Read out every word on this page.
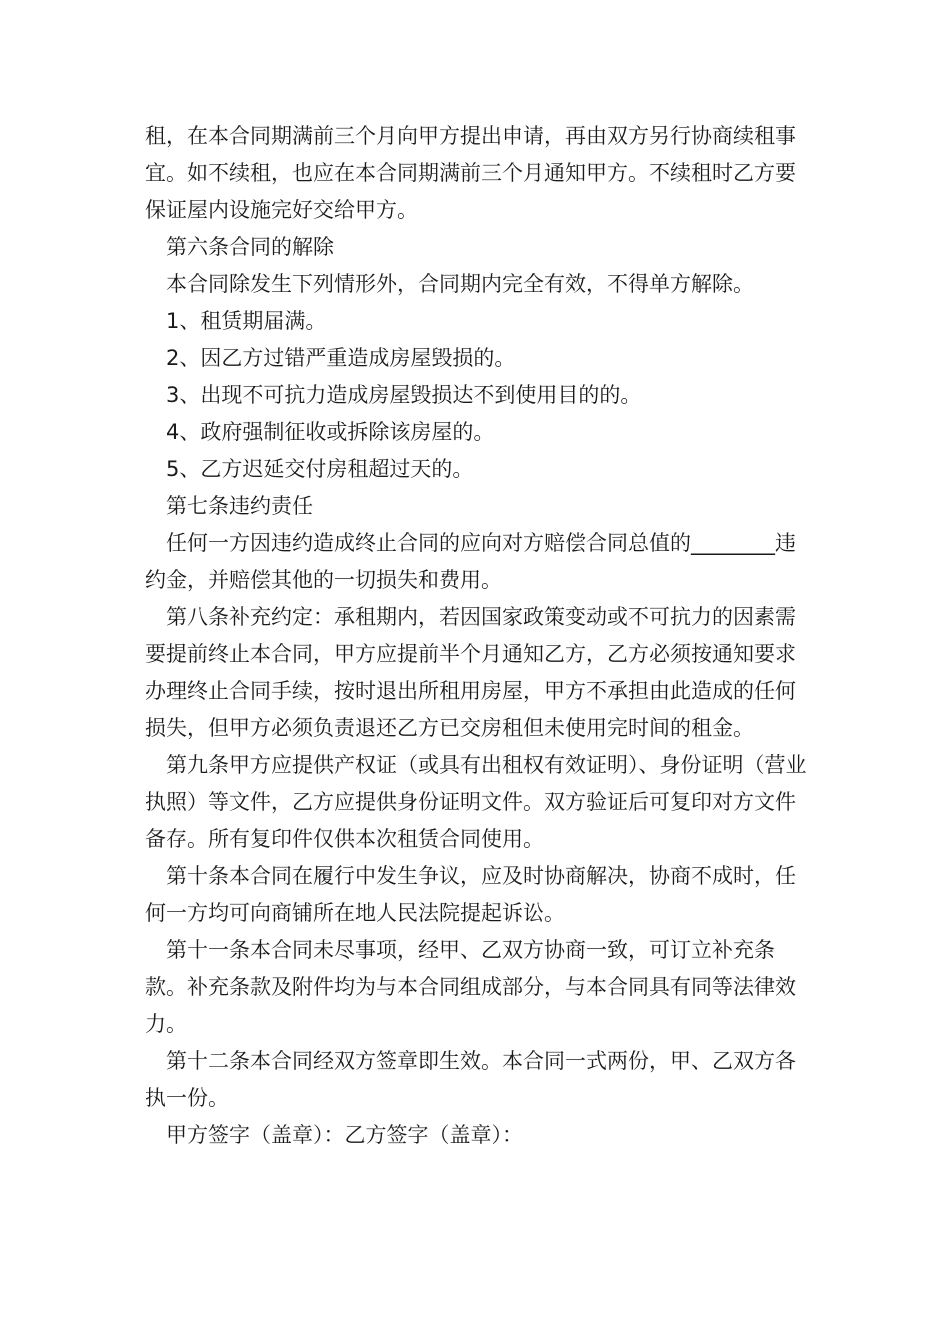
租，在本合同期满前三个月向甲方提出申请，再由双方另行协商续租事宜。如不续租，也应在本合同期满前三个月通知甲方。不续租时乙方要保证屋内设施完好交给甲方。

第六条合同的解除

本合同除发生下列情形外，合同期内完全有效，不得单方解除。

1、租赁期届满。

2、因乙方过错严重造成房屋毁损的。

3、出现不可抗力造成房屋毁损达不到使用目的的。

4、政府强制征收或拆除该房屋的。

5、乙方迟延交付房租超过天的。

第七条违约责任

任何一方因违约造成终止合同的应向对方赔偿合同总值的________违约金，并赔偿其他的一切损失和费用。

第八条补充约定：承租期内，若因国家政策变动或不可抗力的因素需要提前终止本合同，甲方应提前半个月通知乙方，乙方必须按通知要求办理终止合同手续，按时退出所租用房屋，甲方不承担由此造成的任何损失，但甲方必须负责退还乙方已交房租但未使用完时间的租金。

第九条甲方应提供产权证（或具有出租权有效证明）、身份证明（营业执照）等文件，乙方应提供身份证明文件。双方验证后可复印对方文件备存。所有复印件仅供本次租赁合同使用。

第十条本合同在履行中发生争议，应及时协商解决，协商不成时，任何一方均可向商铺所在地人民法院提起诉讼。

第十一条本合同未尽事项，经甲、乙双方协商一致，可订立补充条款。补充条款及附件均为与本合同组成部分，与本合同具有同等法律效力。

第十二条本合同经双方签章即生效。本合同一式两份，甲、乙双方各执一份。

甲方签字（盖章）：乙方签字（盖章）：
